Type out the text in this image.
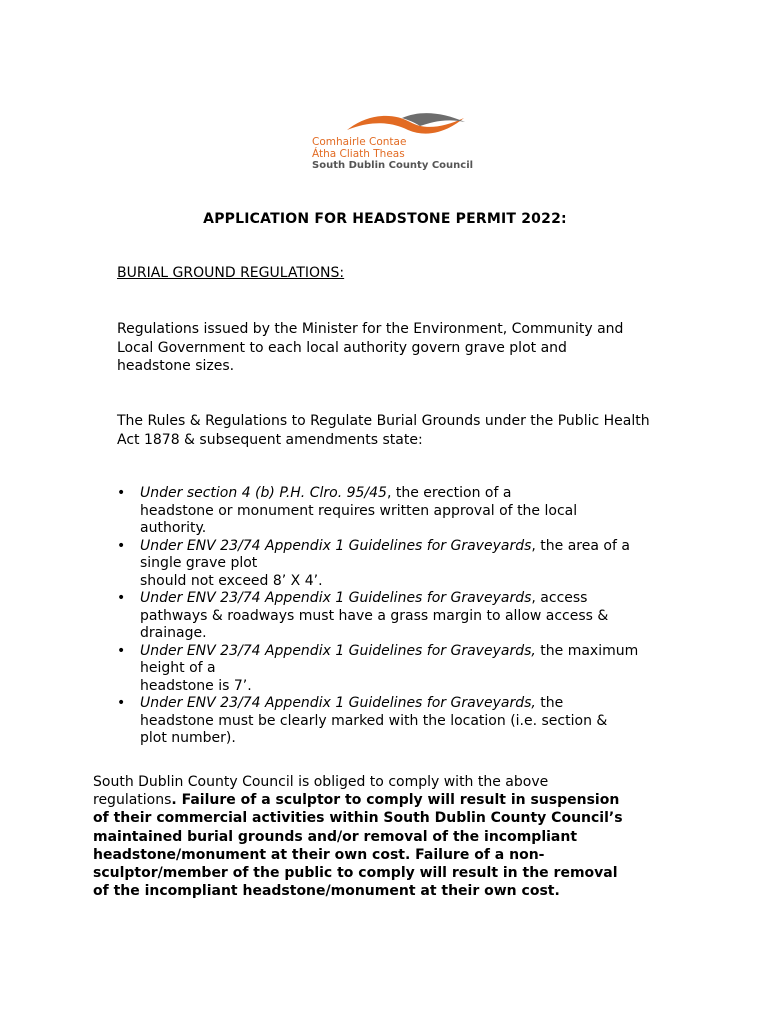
Comhairle Contae
Átha Cliath Theas
South Dublin County Council
APPLICATION FOR HEADSTONE PERMIT 2022:
BURIAL GROUND REGULATIONS:
Regulations issued by the Minister for the Environment, Community and
Local Government to each local authority govern grave plot and
headstone sizes.
The Rules & Regulations to Regulate Burial Grounds under the Public Health
Act 1878 & subsequent amendments state:
• Under section 4 (b) P.H. Clro. 95/45, the erection of a
headstone or monument requires written approval of the local
authority.
• Under ENV 23/74 Appendix 1 Guidelines for Graveyards, the area of a
single grave plot
should not exceed 8’ X 4’.
• Under ENV 23/74 Appendix 1 Guidelines for Graveyards, access
pathways & roadways must have a grass margin to allow access &
drainage.
• Under ENV 23/74 Appendix 1 Guidelines for Graveyards, the maximum
height of a
headstone is 7’.
• Under ENV 23/74 Appendix 1 Guidelines for Graveyards, the
headstone must be clearly marked with the location (i.e. section &
plot number).
South Dublin County Council is obliged to comply with the above
regulations. Failure of a sculptor to comply will result in suspension
of their commercial activities within South Dublin County Council’s
maintained burial grounds and/or removal of the incompliant
headstone/monument at their own cost. Failure of a non-
sculptor/member of the public to comply will result in the removal
of the incompliant headstone/monument at their own cost.
